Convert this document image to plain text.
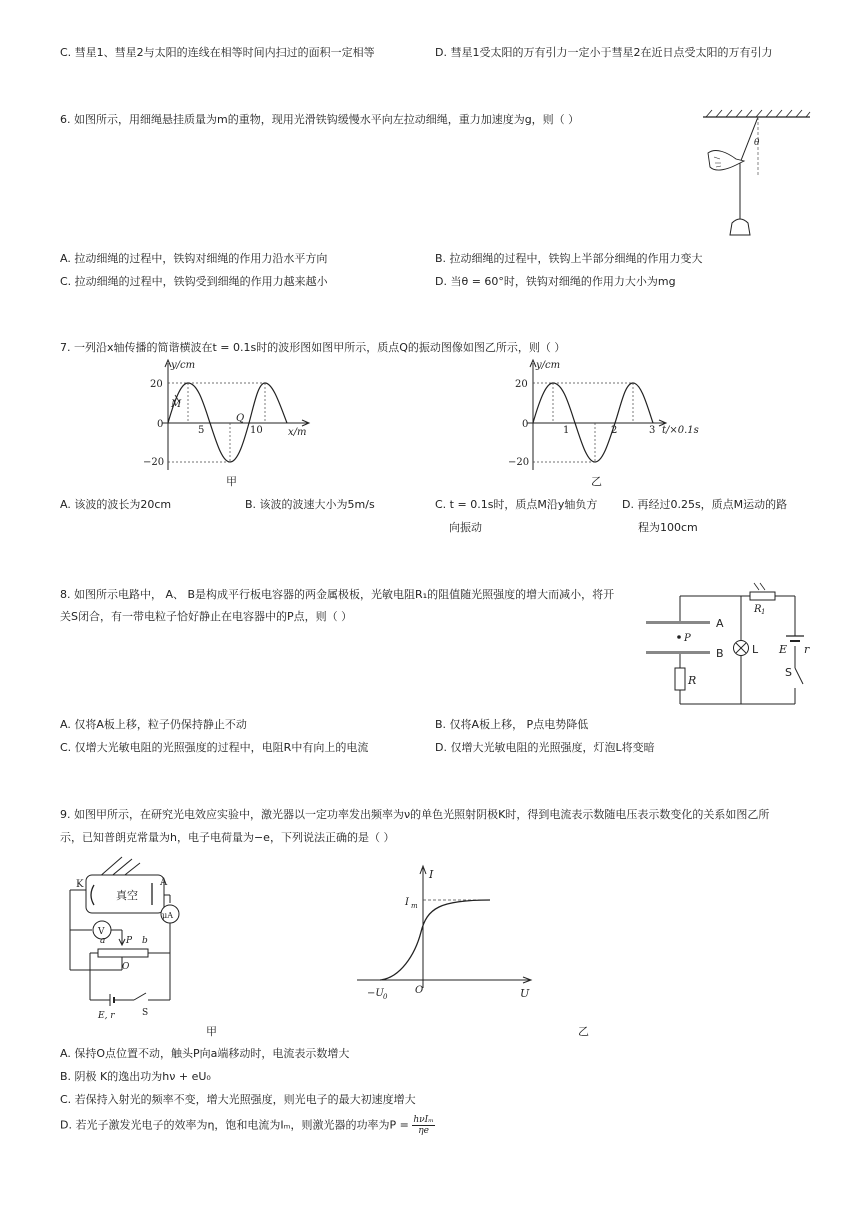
C. 彗星1、彗星2与太阳的连线在相等时间内扫过的面积一定相等	D. 彗星1受太阳的万有引力一定小于彗星2在近日点受太阳的万有引力
6. 如图所示，用细绳悬挂质量为m的重物，现用光滑铁钩缓慢水平向左拉动细绳，重力加速度为g，则（ ）
θ
A. 拉动细绳的过程中，铁钩对细绳的作用力沿水平方向	B. 拉动细绳的过程中，铁钩上半部分细绳的作用力变大
C. 拉动细绳的过程中，铁钩受到细绳的作用力越来越小	D. 当θ = 60°时，铁钩对细绳的作用力大小为mg
7. 一列沿x轴传播的简谐横波在t = 0.1s时的波形图如图甲所示，质点Q的振动图像如图乙所示，则（ ）
y/cm
x/m
20
0
−20
5	10
M
Q
甲
y/cm
t/×0.1s
20
0
−20
1	2	3
乙
A. 该波的波长为20cm	B. 该波的波速大小为5m/s	C. t = 0.1s时，质点M沿y轴负方
向振动
D. 再经过0.25s，质点M运动的路
程为100cm
8. 如图所示电路中， A、 B是构成平行板电容器的两金属极板，光敏电阻R₁的阻值随光照强度的增大而减小，将开
关S闭合，有一带电粒子恰好静止在电容器中的P点，则（ ）
P
A
B
R
R 1
L E r
S
A. 仅将A板上移，粒子仍保持静止不动	B. 仅将A板上移， P点电势降低
C. 仅增大光敏电阻的光照强度的过程中，电阻R中有向上的电流	D. 仅增大光敏电阻的光照强度，灯泡L将变暗
9. 如图甲所示，在研究光电效应实验中，激光器以一定功率发出频率为ν的单色光照射阴极K时，得到电流表示数随电压表示数变化的关系如图乙所
示，已知普朗克常量为h，电子电荷量为−e，下列说法正确的是（ ）
K	A
真空
μA
V
P
a	b
O
E, r	S
甲
I
I m
−U 0
O	U
乙
A. 保持O点位置不动，触头P向a端移动时，电流表示数增大
B. 阴极 K的逸出功为hν + eU₀
C. 若保持入射光的频率不变，增大光照强度，则光电子的最大初速度增大
D. 若光子激发光电子的效率为η，饱和电流为Iₘ，则激光器的功率为P = hνIₘ
ηe
